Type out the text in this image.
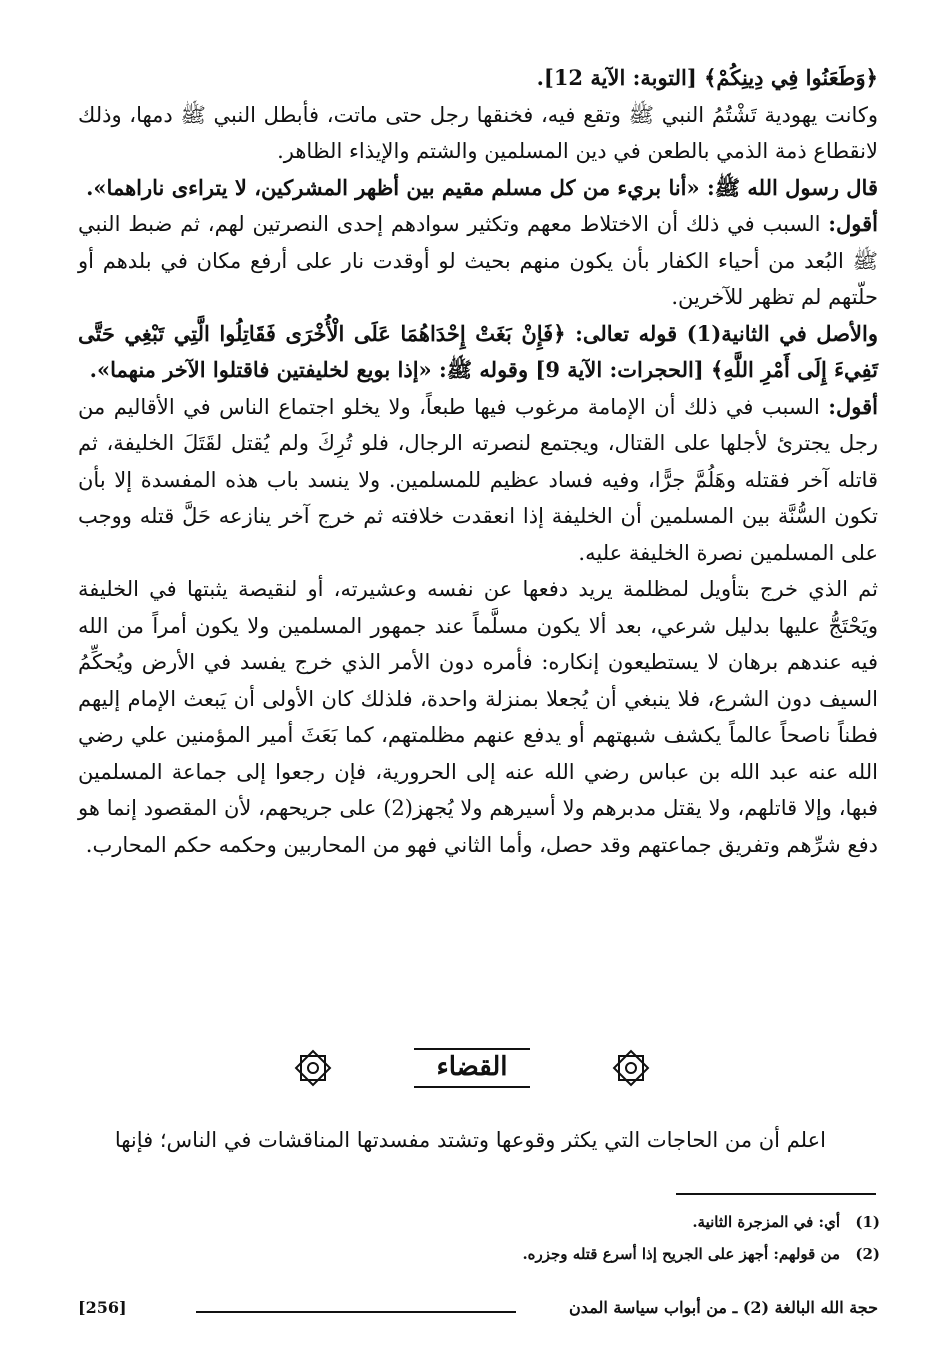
﴿وَطَعَنُوا فِي دِينِكُمْ﴾ [التوبة: الآية 12].
وكانت يهودية تَشْتُمُ النبي ﷺ وتقع فيه، فخنقها رجل حتى ماتت، فأبطل النبي ﷺ دمها، وذلك لانقطاع ذمة الذمي بالطعن في دين المسلمين والشتم والإيذاء الظاهر.
قال رسول الله ﷺ: «أنا بريء من كل مسلم مقيم بين أظهر المشركين، لا يتراءى ناراهما».
أقول: السبب في ذلك أن الاختلاط معهم وتكثير سوادهم إحدى النصرتين لهم، ثم ضبط النبي ﷺ البُعد من أحياء الكفار بأن يكون منهم بحيث لو أوقدت نار على أرفع مكان في بلدهم أو حلّتهم لم تظهر للآخرين.
والأصل في الثانية(1) قوله تعالى: ﴿فَإِنْ بَغَتْ إِحْدَاهُمَا عَلَى الْأُخْرَى فَقَاتِلُوا الَّتِي تَبْغِي حَتَّى تَفِيءَ إِلَى أَمْرِ اللَّهِ﴾ [الحجرات: الآية 9] وقوله ﷺ: «إذا بويع لخليفتين فاقتلوا الآخر منهما».
أقول: السبب في ذلك أن الإمامة مرغوب فيها طبعاً، ولا يخلو اجتماع الناس في الأقاليم من رجل يجترئ لأجلها على القتال، ويجتمع لنصرته الرجال، فلو تُرِكَ ولم يُقتل لقَتَلَ الخليفة، ثم قاتله آخر فقتله وهَلُمَّ جرًّا، وفيه فساد عظيم للمسلمين. ولا ينسد باب هذه المفسدة إلا بأن تكون السُّنَّة بين المسلمين أن الخليفة إذا انعقدت خلافته ثم خرج آخر ينازعه حَلَّ قتله ووجب على المسلمين نصرة الخليفة عليه.
ثم الذي خرج بتأويل لمظلمة يريد دفعها عن نفسه وعشيرته، أو لنقيصة يثبتها في الخليفة ويَحْتَجُّ عليها بدليل شرعي، بعد ألا يكون مسلَّماً عند جمهور المسلمين ولا يكون أمراً من الله فيه عندهم برهان لا يستطيعون إنكاره: فأمره دون الأمر الذي خرج يفسد في الأرض ويُحكِّمُ السيف دون الشرع، فلا ينبغي أن يُجعلا بمنزلة واحدة، فلذلك كان الأولى أن يَبعث الإمام إليهم فطناً ناصحاً عالماً يكشف شبهتهم أو يدفع عنهم مظلمتهم، كما بَعَثَ أمير المؤمنين علي رضي الله عنه عبد الله بن عباس رضي الله عنه إلى الحرورية، فإن رجعوا إلى جماعة المسلمين فبها، وإلا قاتلهم، ولا يقتل مدبرهم ولا أسيرهم ولا يُجهز(2) على جريحهم، لأن المقصود إنما هو دفع شرِّهم وتفريق جماعتهم وقد حصل، وأما الثاني فهو من المحاربين وحكمه حكم المحارب.
القضاء
اعلم أن من الحاجات التي يكثر وقوعها وتشتد مفسدتها المناقشات في الناس؛ فإنها
(1)أي: في المزجرة الثانية.
(2)من قولهم: أجهز على الجريح إذا أسرع قتله وجزره.
حجة الله البالغة (2) ـ من أبواب سياسة المدن
[256]
